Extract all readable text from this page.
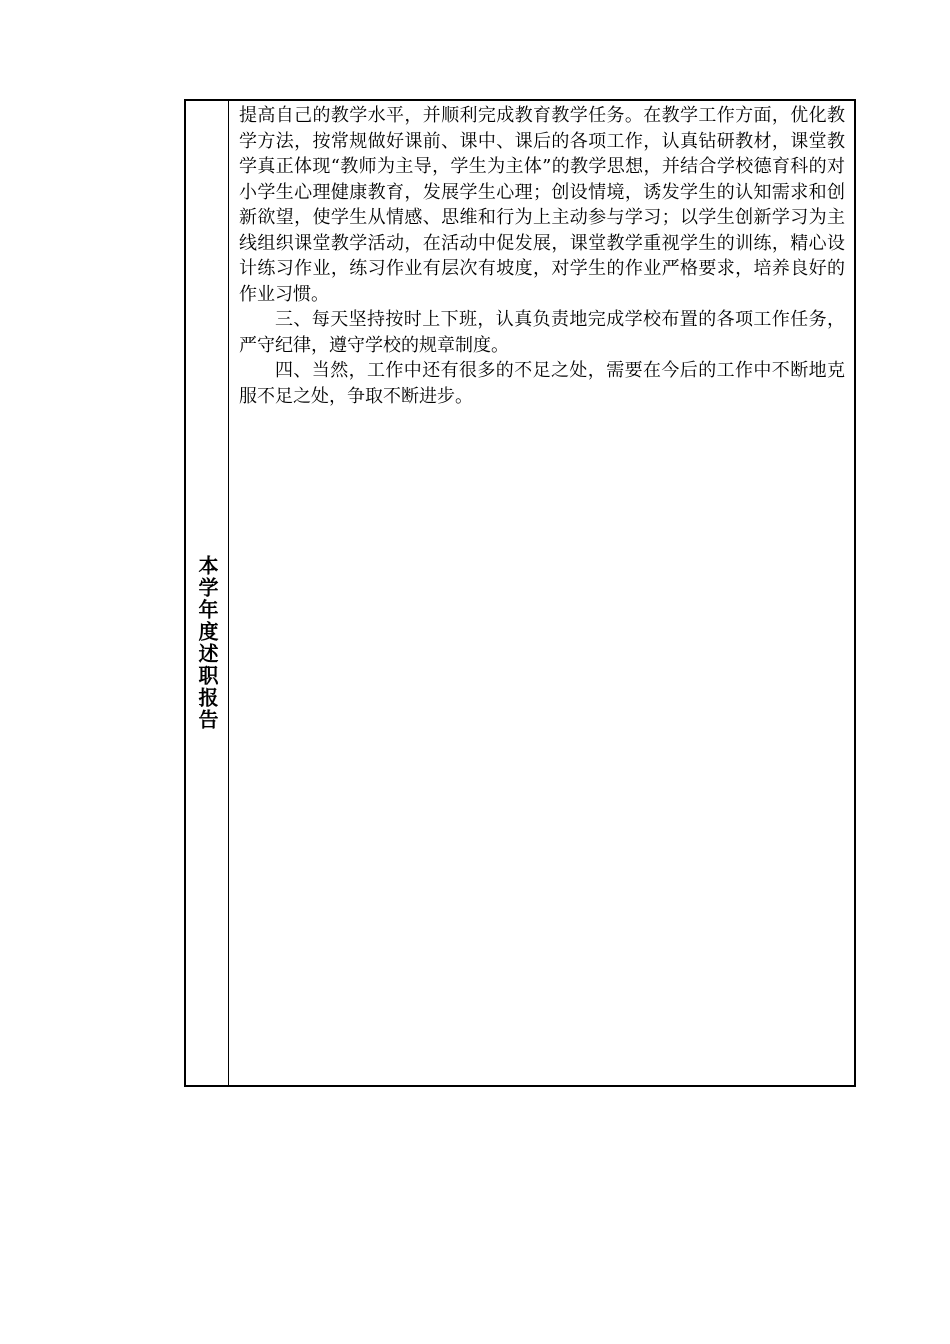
本学年度述职报告

提高自己的教学水平，并顺利完成教育教学任务。在教学工作方面，优化教学方法，按常规做好课前、课中、课后的各项工作，认真钻研教材，课堂教学真正体现“教师为主导，学生为主体”的教学思想，并结合学校德育科的对小学生心理健康教育，发展学生心理；创设情境，诱发学生的认知需求和创新欲望，使学生从情感、思维和行为上主动参与学习；以学生创新学习为主线组织课堂教学活动，在活动中促发展，课堂教学重视学生的训练，精心设计练习作业，练习作业有层次有坡度，对学生的作业严格要求，培养良好的作业习惯。

三、每天坚持按时上下班，认真负责地完成学校布置的各项工作任务，严守纪律，遵守学校的规章制度。

四、当然，工作中还有很多的不足之处，需要在今后的工作中不断地克服不足之处，争取不断进步。
